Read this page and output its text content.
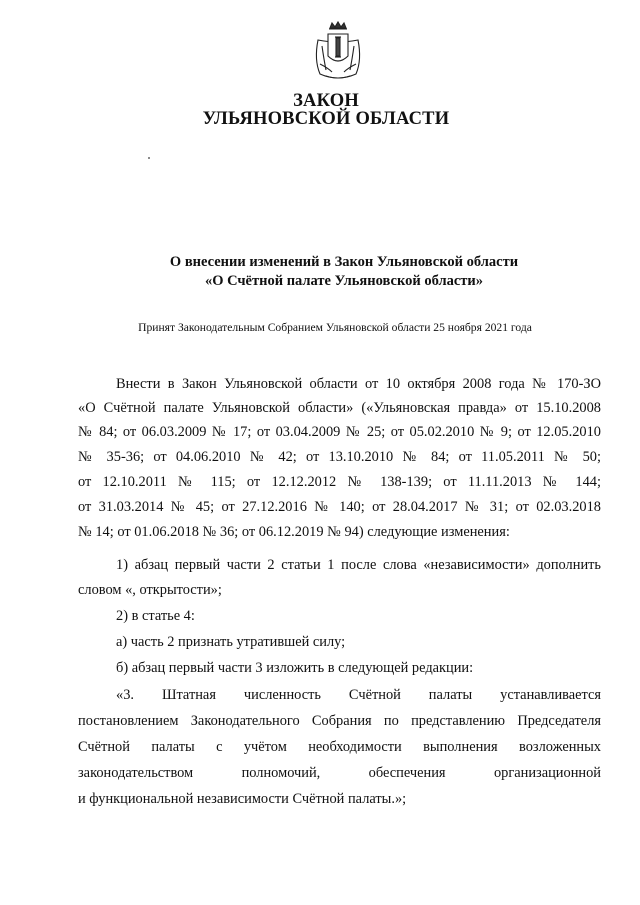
ЗАКОН
УЛЬЯНОВСКОЙ ОБЛАСТИ
О внесении изменений в Закон Ульяновской области
«О Счётной палате Ульяновской области»
Принят Законодательным Собранием Ульяновской области 25 ноября 2021 года
Внести в Закон Ульяновской области от 10 октября 2008 года № 170-ЗО
«О Счётной палате Ульяновской области» («Ульяновская правда» от 15.10.2008
№ 84; от 06.03.2009 № 17; от 03.04.2009 № 25; от 05.02.2010 № 9; от 12.05.2010
№ 35-36; от 04.06.2010 № 42; от 13.10.2010 № 84; от 11.05.2011 № 50;
от 12.10.2011 № 115; от 12.12.2012 № 138-139; от 11.11.2013 № 144;
от 31.03.2014 № 45; от 27.12.2016 № 140; от 28.04.2017 № 31; от 02.03.2018
№ 14; от 01.06.2018 № 36; от 06.12.2019 № 94) следующие изменения:
1) абзац первый части 2 статьи 1 после слова «независимости» дополнить
словом «, открытости»;
2) в статье 4:
а) часть 2 признать утратившей силу;
б) абзац первый части 3 изложить в следующей редакции:
«3. Штатная численность Счётной палаты устанавливается
постановлением Законодательного Собрания по представлению Председателя
Счётной палаты с учётом необходимости выполнения возложенных
законодательством полномочий, обеспечения организационной
и функциональной независимости Счётной палаты.»;
